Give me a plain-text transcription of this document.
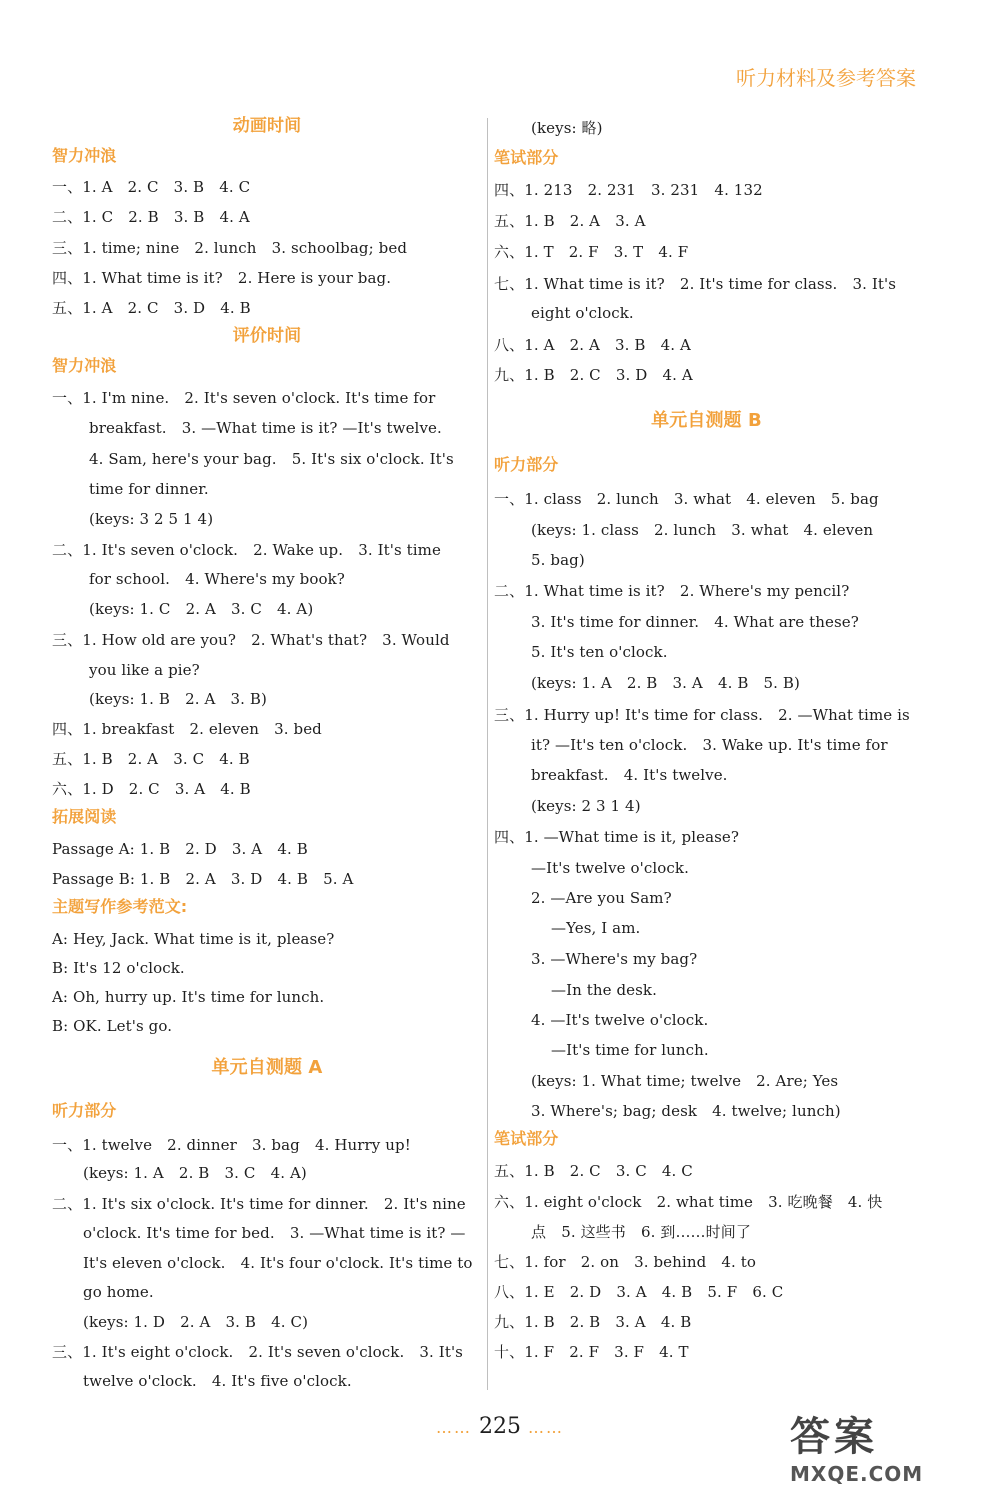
听力材料及参考答案
动画时间
智力冲浪
一、1. A　2. C　3. B　4. C
二、1. C　2. B　3. B　4. A
三、1. time; nine　2. lunch　3. schoolbag; bed
四、1. What time is it?　2. Here is your bag.
五、1. A　2. C　3. D　4. B
评价时间
智力冲浪
一、1. I'm nine.　2. It's seven o'clock. It's time for
breakfast.　3. —What time is it? —It's twelve.
4. Sam, here's your bag.　5. It's six o'clock. It's
time for dinner.
(keys: 3 2 5 1 4)
二、1. It's seven o'clock.　2. Wake up.　3. It's time
for school.　4. Where's my book?
(keys: 1. C　2. A　3. C　4. A)
三、1. How old are you?　2. What's that?　3. Would
you like a pie?
(keys: 1. B　2. A　3. B)
四、1. breakfast　2. eleven　3. bed
五、1. B　2. A　3. C　4. B
六、1. D　2. C　3. A　4. B
拓展阅读
Passage A: 1. B　2. D　3. A　4. B
Passage B: 1. B　2. A　3. D　4. B　5. A
主题写作参考范文:
A: Hey, Jack. What time is it, please?
B: It's 12 o'clock.
A: Oh, hurry up. It's time for lunch.
B: OK. Let's go.
单元自测题 A
听力部分
一、1. twelve　2. dinner　3. bag　4. Hurry up!
(keys: 1. A　2. B　3. C　4. A)
二、1. It's six o'clock. It's time for dinner.　2. It's nine
o'clock. It's time for bed.　3. —What time is it? —
It's eleven o'clock.　4. It's four o'clock. It's time to
go home.
(keys: 1. D　2. A　3. B　4. C)
三、1. It's eight o'clock.　2. It's seven o'clock.　3. It's
twelve o'clock.　4. It's five o'clock.
(keys: 略)
笔试部分
四、1. 213　2. 231　3. 231　4. 132
五、1. B　2. A　3. A
六、1. T　2. F　3. T　4. F
七、1. What time is it?　2. It's time for class.　3. It's
eight o'clock.
八、1. A　2. A　3. B　4. A
九、1. B　2. C　3. D　4. A
单元自测题 B
听力部分
一、1. class　2. lunch　3. what　4. eleven　5. bag
(keys: 1. class　2. lunch　3. what　4. eleven
5. bag)
二、1. What time is it?　2. Where's my pencil?
3. It's time for dinner.　4. What are these?
5. It's ten o'clock.
(keys: 1. A　2. B　3. A　4. B　5. B)
三、1. Hurry up! It's time for class.　2. —What time is
it? —It's ten o'clock.　3. Wake up. It's time for
breakfast.　4. It's twelve.
(keys: 2 3 1 4)
四、1. —What time is it, please?
—It's twelve o'clock.
2. —Are you Sam?
　 —Yes, I am.
3. —Where's my bag?
　 —In the desk.
4. —It's twelve o'clock.
　 —It's time for lunch.
(keys: 1. What time; twelve　2. Are; Yes
3. Where's; bag; desk　4. twelve; lunch)
笔试部分
五、1. B　2. C　3. C　4. C
六、1. eight o'clock　2. what time　3. 吃晚餐　4. 快
点　5. 这些书　6. 到……时间了
七、1. for　2. on　3. behind　4. to
八、1. E　2. D　3. A　4. B　5. F　6. C
九、1. B　2. B　3. A　4. B
十、1. F　2. F　3. F　4. T
…… 225 ……	答案
MXQE.COM
